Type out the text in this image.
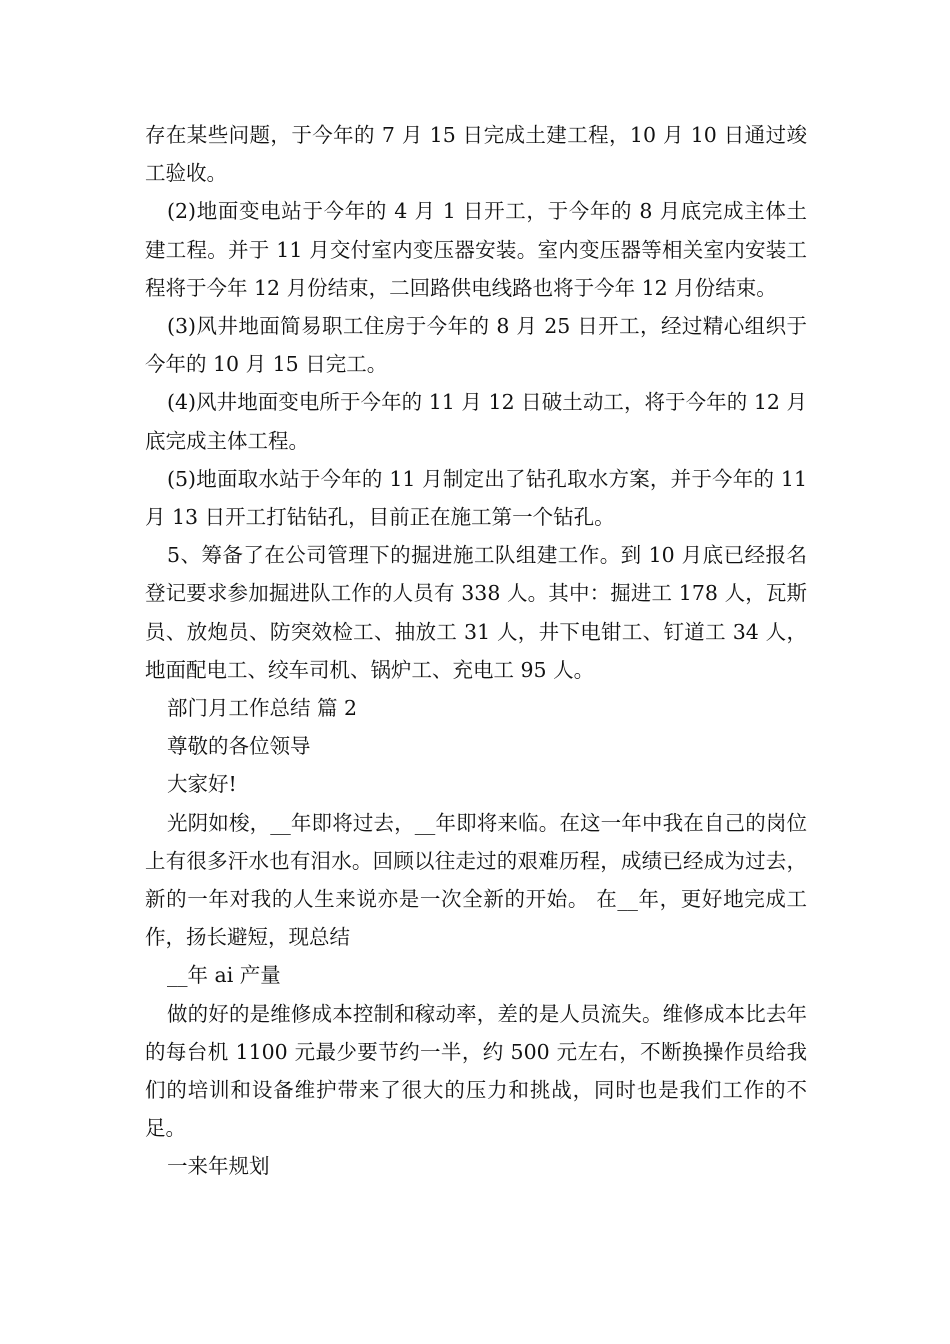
存在某些问题，于今年的 7 月 15 日完成土建工程，10 月 10 日通过竣工验收。

(2)地面变电站于今年的 4 月 1 日开工，于今年的 8 月底完成主体土建工程。并于 11 月交付室内变压器安装。室内变压器等相关室内安装工程将于今年 12 月份结束，二回路供电线路也将于今年 12 月份结束。

(3)风井地面简易职工住房于今年的 8 月 25 日开工，经过精心组织于今年的 10 月 15 日完工。

(4)风井地面变电所于今年的 11 月 12 日破土动工，将于今年的 12 月底完成主体工程。

(5)地面取水站于今年的 11 月制定出了钻孔取水方案，并于今年的 11 月 13 日开工打钻钻孔，目前正在施工第一个钻孔。

5、筹备了在公司管理下的掘进施工队组建工作。到 10 月底已经报名登记要求参加掘进队工作的人员有 338 人。其中：掘进工 178 人，瓦斯员、放炮员、防突效检工、抽放工 31 人，井下电钳工、钉道工 34 人，地面配电工、绞车司机、锅炉工、充电工 95 人。

部门月工作总结 篇 2

尊敬的各位领导

大家好!

光阴如梭，__年即将过去，__年即将来临。在这一年中我在自己的岗位上有很多汗水也有泪水。回顾以往走过的艰难历程，成绩已经成为过去，新的一年对我的人生来说亦是一次全新的开始。 在__年，更好地完成工作，扬长避短，现总结

__年 ai 产量

做的好的是维修成本控制和稼动率，差的是人员流失。维修成本比去年的每台机 1100 元最少要节约一半，约 500 元左右，不断换操作员给我们的培训和设备维护带来了很大的压力和挑战，同时也是我们工作的不足。

一来年规划
